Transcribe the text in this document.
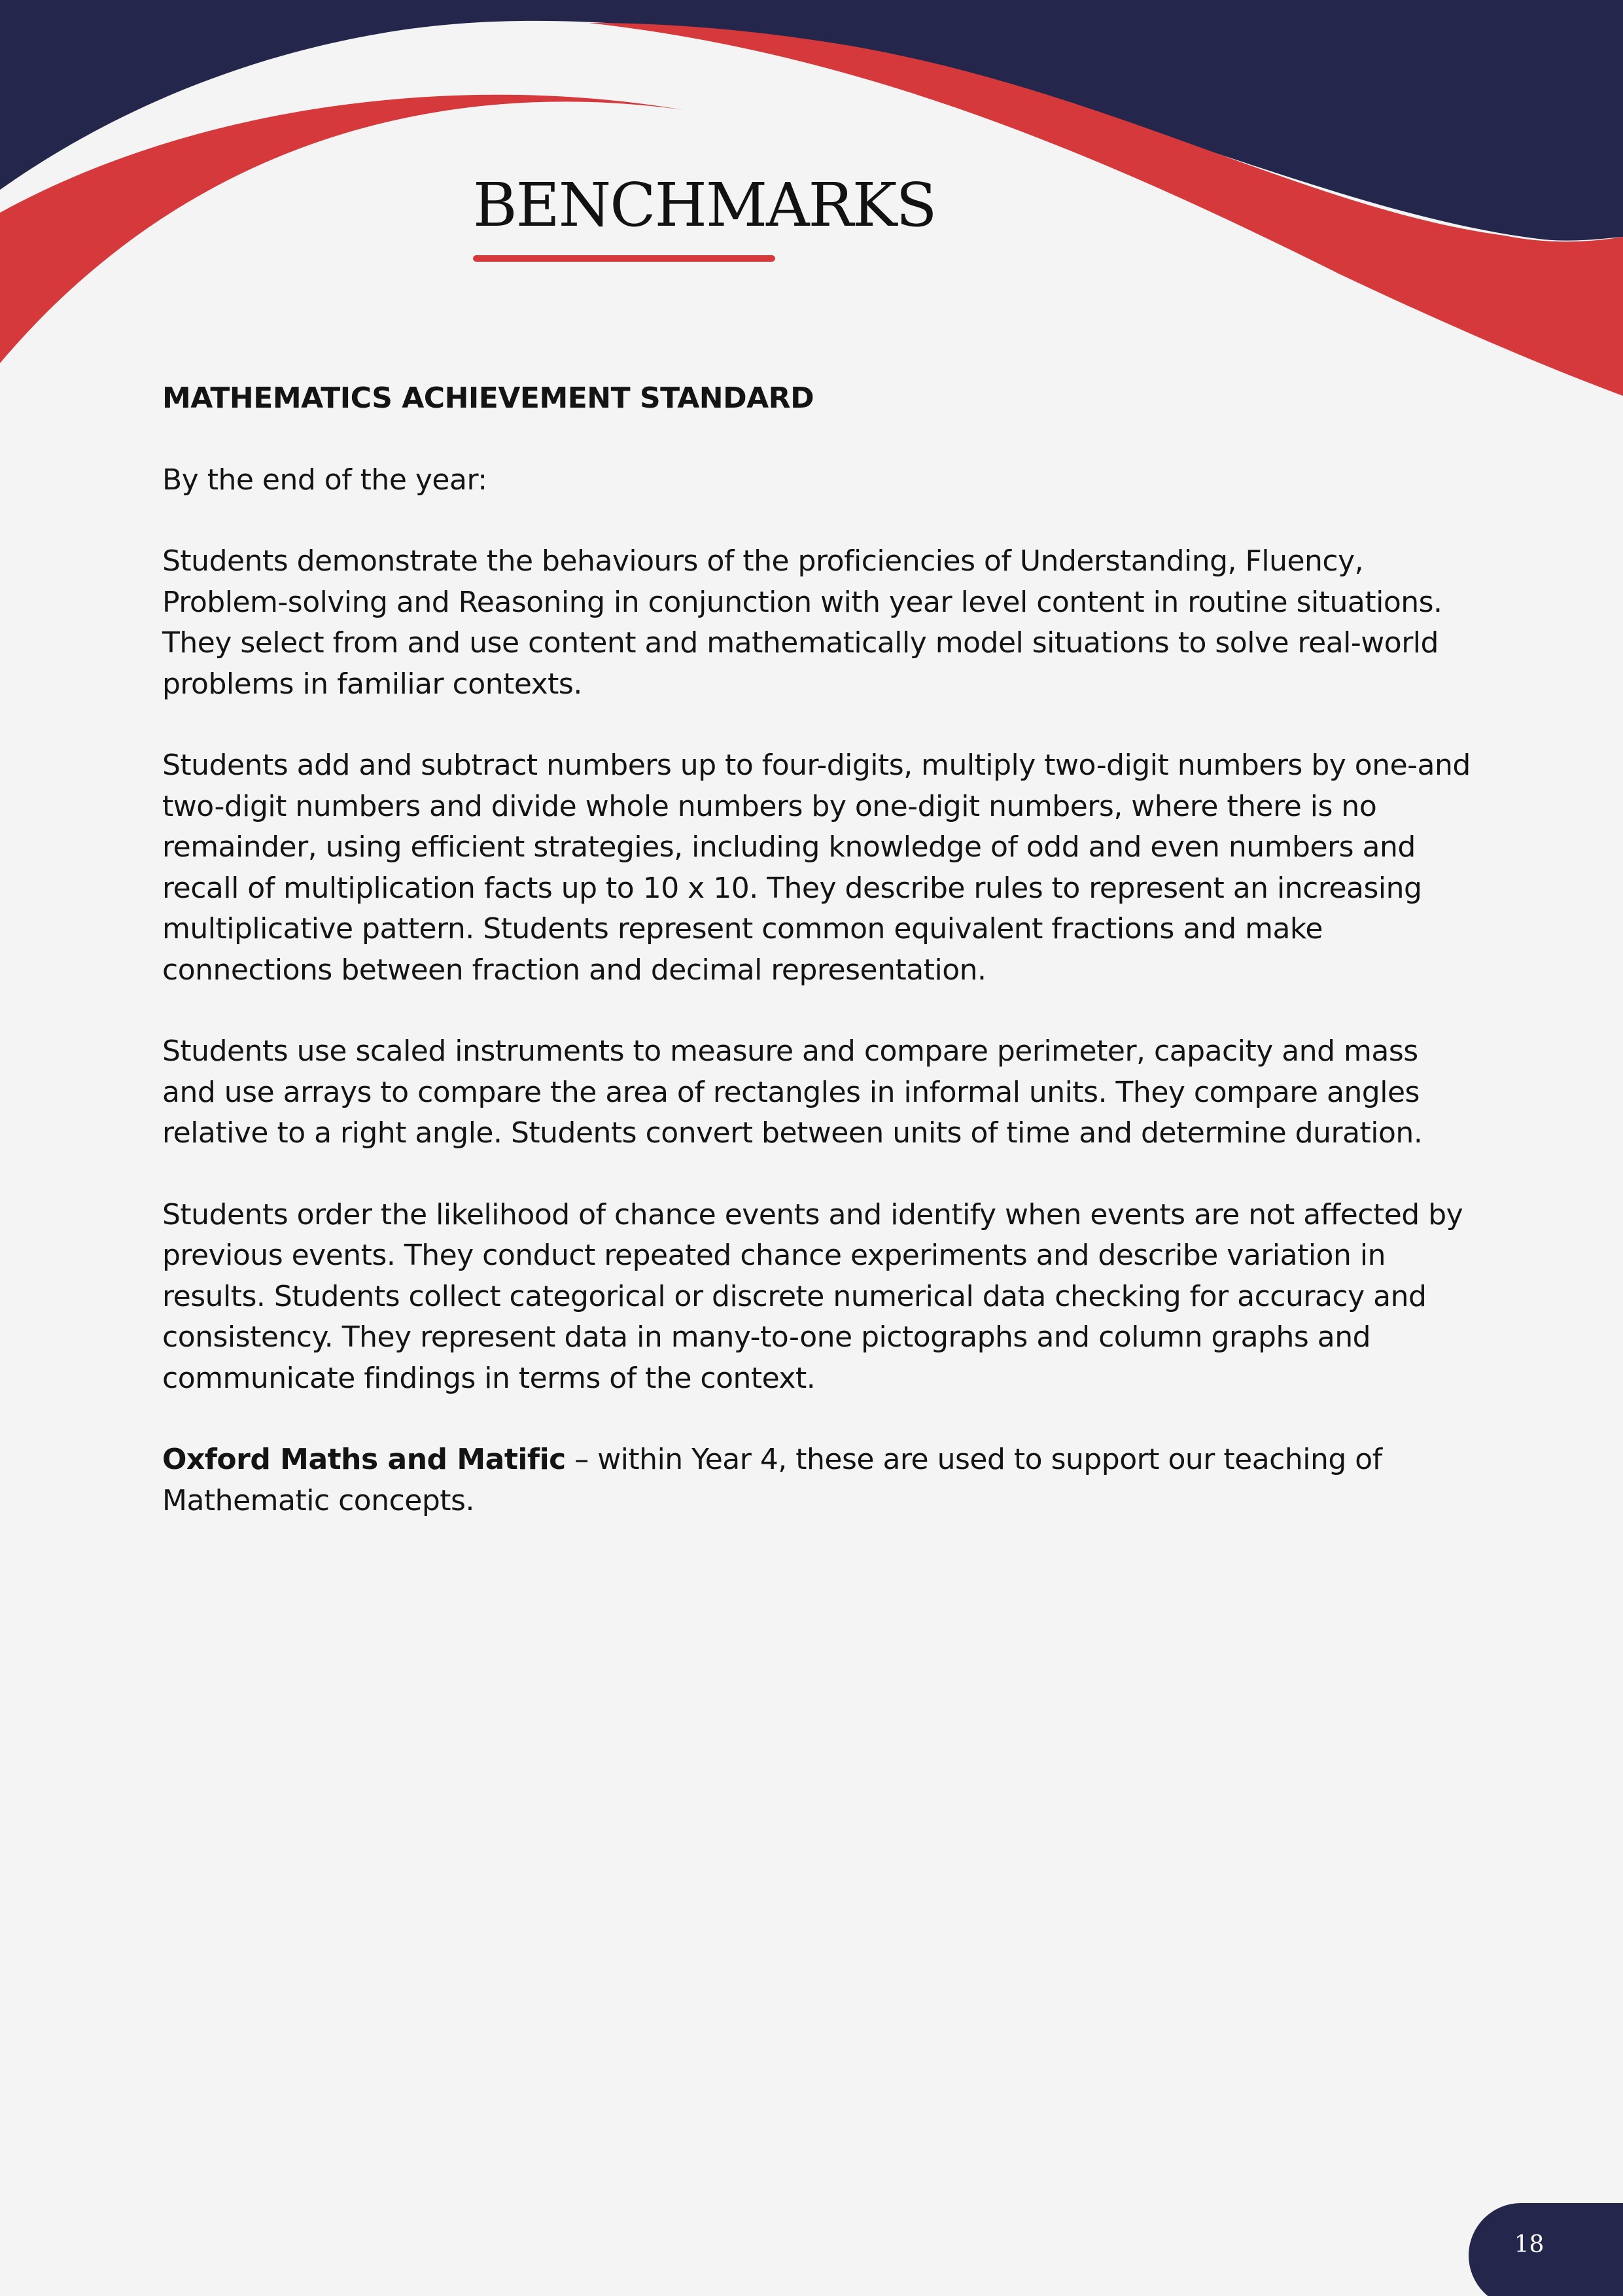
BENCHMARKS
MATHEMATICS ACHIEVEMENT STANDARD

By the end of the year:

Students demonstrate the behaviours of the proficiencies of Understanding, Fluency, Problem-solving and Reasoning in conjunction with year level content in routine situations. They select from and use content and mathematically model situations to solve real-world problems in familiar contexts.

Students add and subtract numbers up to four-digits, multiply two-digit numbers by one-and two-digit numbers and divide whole numbers by one-digit numbers, where there is no remainder, using efficient strategies, including knowledge of odd and even numbers and recall of multiplication facts up to 10 x 10. They describe rules to represent an increasing multiplicative pattern. Students represent common equivalent fractions and make connections between fraction and decimal representation.

Students use scaled instruments to measure and compare perimeter, capacity and mass and use arrays to compare the area of rectangles in informal units. They compare angles relative to a right angle. Students convert between units of time and determine duration.

Students order the likelihood of chance events and identify when events are not affected by previous events. They conduct repeated chance experiments and describe variation in results. Students collect categorical or discrete numerical data checking for accuracy and consistency. They represent data in many-to-one pictographs and column graphs and communicate findings in terms of the context.

Oxford Maths and Matific – within Year 4, these are used to support our teaching of Mathematic concepts.

18
